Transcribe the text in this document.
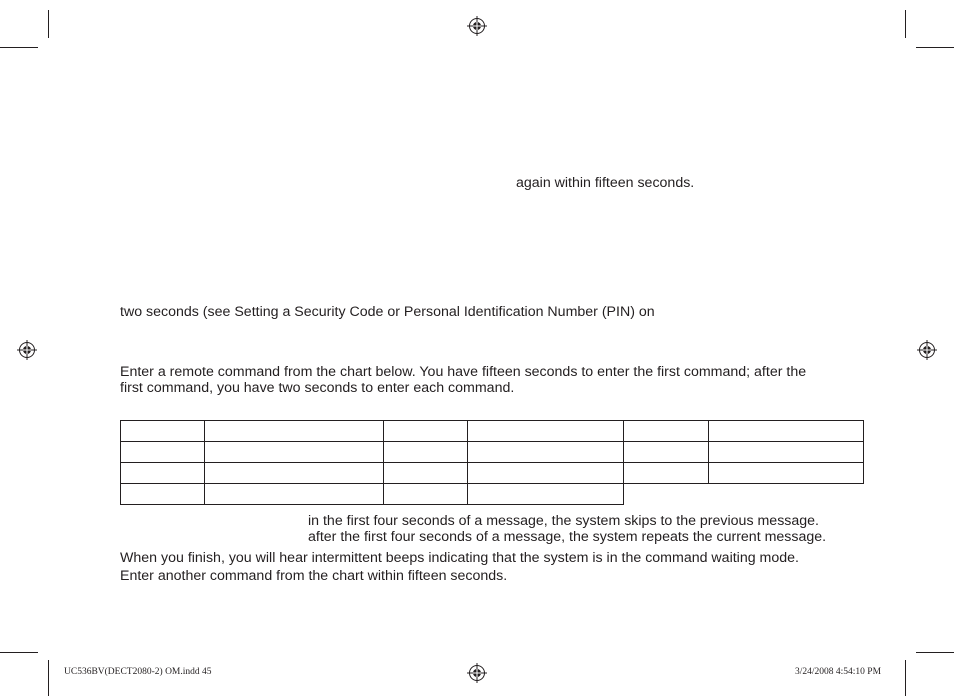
again within fifteen seconds.
two seconds (see Setting a Security Code or Personal Identification Number (PIN) on
Enter a remote command from the chart below. You have fifteen seconds to enter the first command; after the
first command, you have two seconds to enter each command.

in the first four seconds of a message, the system skips to the previous message.
after the first four seconds of a message, the system repeats the current message.
When you finish, you will hear intermittent beeps indicating that the system is in the command waiting mode.
Enter another command from the chart within fifteen seconds.
UC536BV(DECT2080-2) OM.indd 45	3/24/2008 4:54:10 PM
